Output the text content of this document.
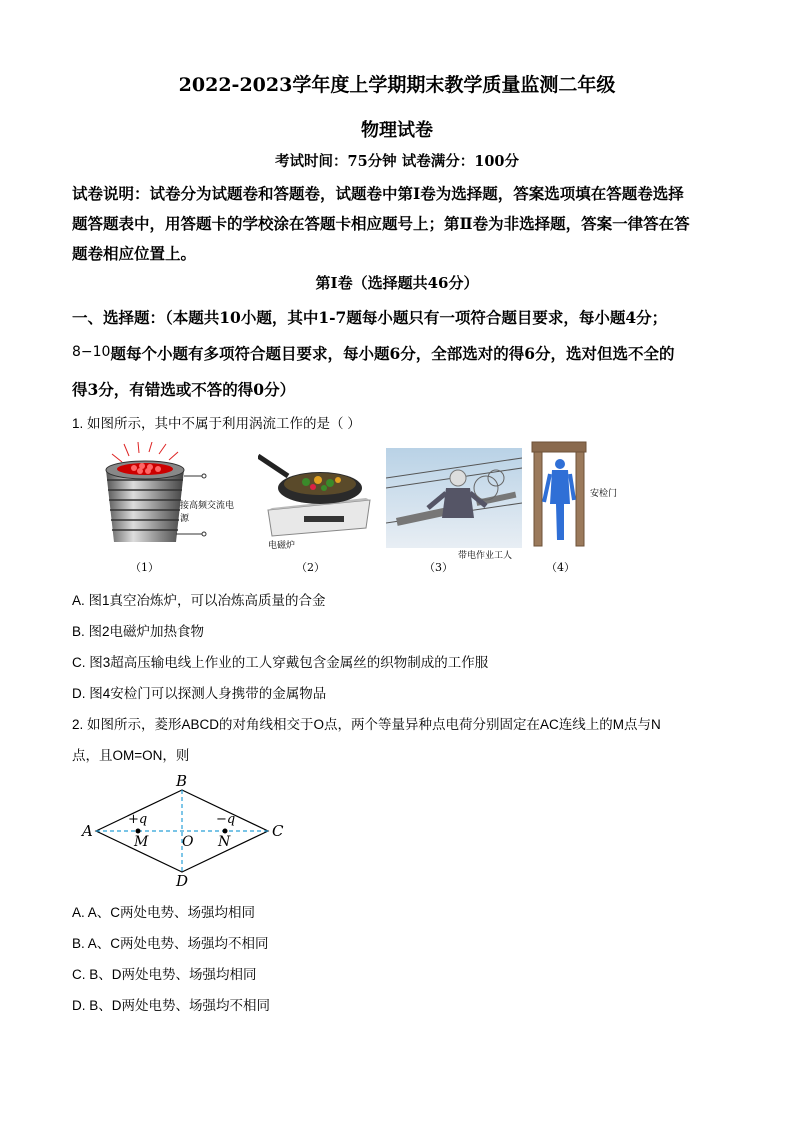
2022-2023学年度上学期期末教学质量监测二年级
物理试卷
考试时间：75分钟 试卷满分：100分
试卷说明：试卷分为试题卷和答题卷，试题卷中第Ⅰ卷为选择题，答案选项填在答题卷选择
题答题表中，用答题卡的学校涂在答题卡相应题号上；第Ⅱ卷为非选择题，答案一律答在答
题卷相应位置上。
第Ⅰ卷（选择题共46分）
一、选择题：（本题共10小题，其中1-7题每小题只有一项符合题目要求，每小题4分；
8−10题每个小题有多项符合题目要求，每小题6分，全部选对的得6分，选对但选不全的
得3分，有错选或不答的得0分）
1. 如图所示，其中不属于利用涡流工作的是（ ）
接高频交流电源
电磁炉
带电作业工人
安检门
（1）	（2）	（3）	（4）
A. 图1真空冶炼炉，可以冶炼高质量的合金
B. 图2电磁炉加热食物
C. 图3超高压输电线上作业的工人穿戴包含金属丝的织物制成的工作服
D. 图4安检门可以探测人身携带的金属物品
2. 如图所示，菱形ABCD的对角线相交于O点，两个等量异种点电荷分别固定在AC连线上的M点与N
点，且OM=ON，则
B
A	C
D
+q	−q
M O N
A. A、C两处电势、场强均相同
B. A、C两处电势、场强均不相同
C. B、D两处电势、场强均相同
D. B、D两处电势、场强均不相同
